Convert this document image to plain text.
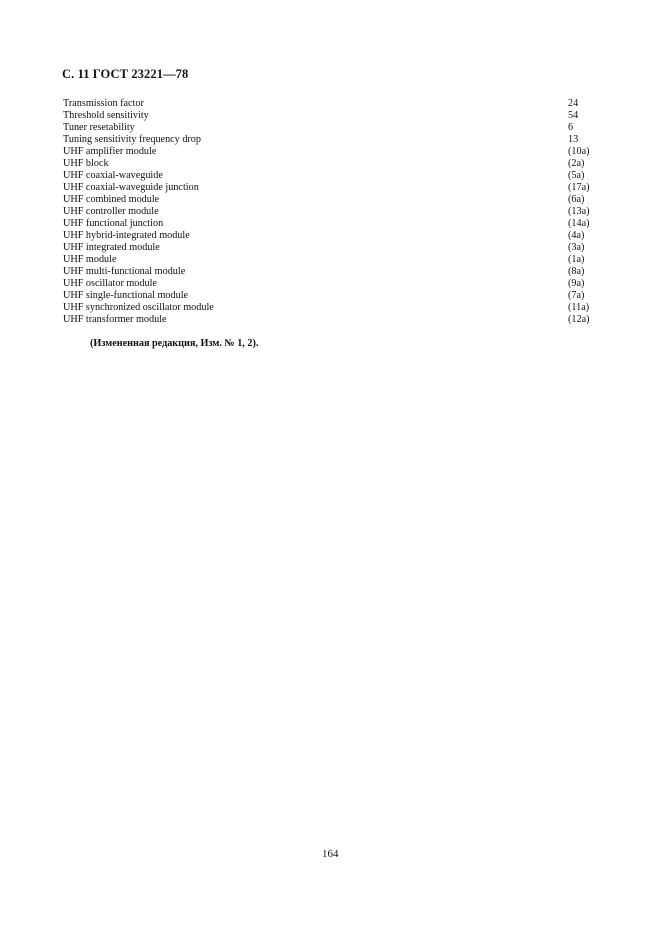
С. 11 ГОСТ 23221—78
Transmission factor	24
Threshold sensitivity	54
Tuner resetability	6
Tuning sensitivity frequency drop	13
UHF amplifier module	(10a)
UHF block	(2a)
UHF coaxial-waveguide	(5a)
UHF coaxial-waveguide junction	(17a)
UHF combined module	(6a)
UHF controller module	(13a)
UHF functional junction	(14a)
UHF hybrid-integrated module	(4a)
UHF integrated module	(3a)
UHF module	(1a)
UHF multi-functional module	(8a)
UHF oscillator module	(9a)
UHF single-functional module	(7a)
UHF synchronized oscillator module	(11a)
UHF transformer module	(12a)
(Измененная редакция, Изм. № 1, 2).
164
